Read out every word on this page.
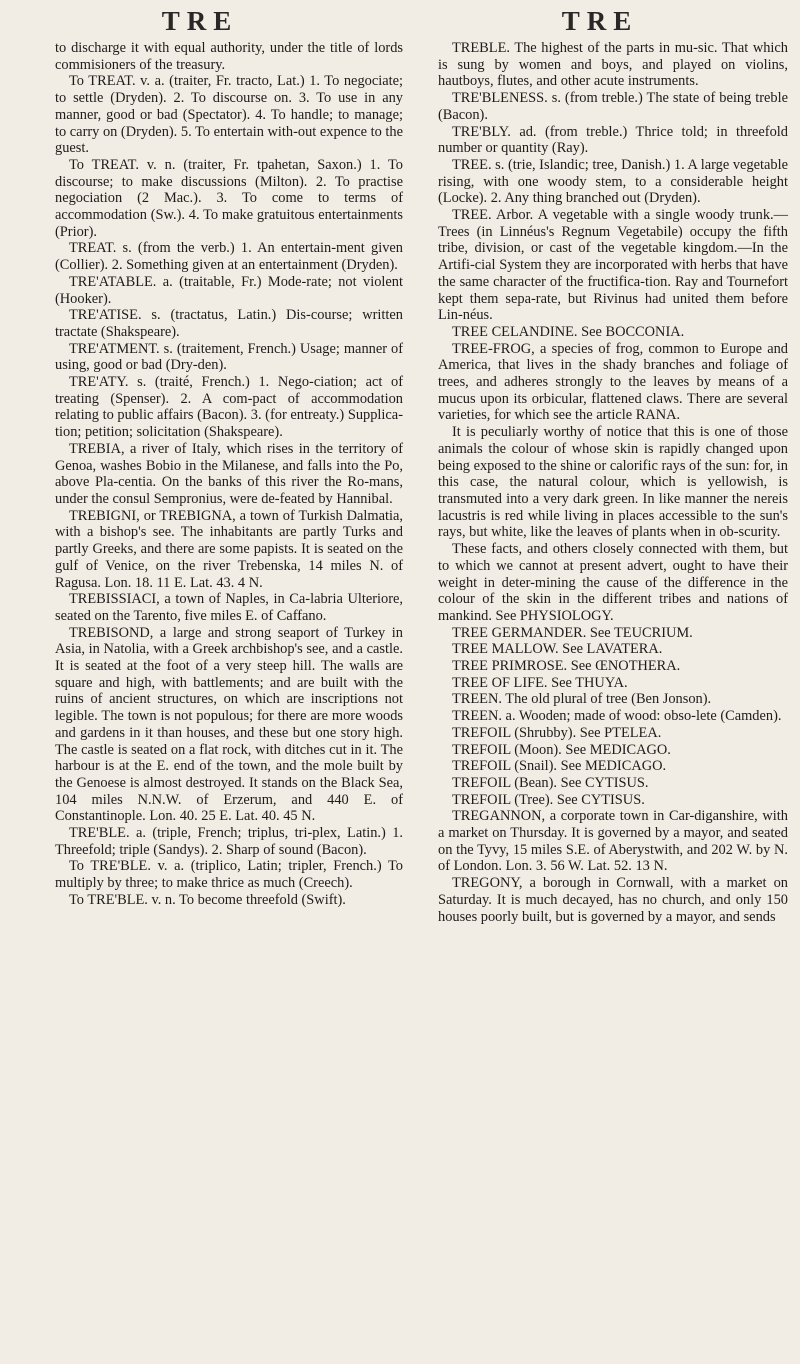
TRE	TRE

to discharge it with equal authority, under the title of lords commisioners of the treasury.

To TREAT. v. a. (traiter, Fr. tracto, Lat.) 1. To negociate; to settle (Dryden). 2. To discourse on. 3. To use in any manner, good or bad (Spectator). 4. To handle; to manage; to carry on (Dryden). 5. To entertain with-out expence to the guest.

To TREAT. v. n. (traiter, Fr. tpahetan, Saxon.) 1. To discourse; to make discussions (Milton). 2. To practise negociation (2 Mac.). 3. To come to terms of accommodation (Sw.). 4. To make gratuitous entertainments (Prior).

TREAT. s. (from the verb.) 1. An entertain-ment given (Collier). 2. Something given at an entertainment (Dryden).

TRE'ATABLE. a. (traitable, Fr.) Mode-rate; not violent (Hooker).

TRE'ATISE. s. (tractatus, Latin.) Dis-course; written tractate (Shakspeare).

TRE'ATMENT. s. (traitement, French.) Usage; manner of using, good or bad (Dry-den).

TRE'ATY. s. (traité, French.) 1. Nego-ciation; act of treating (Spenser). 2. A com-pact of accommodation relating to public affairs (Bacon). 3. (for entreaty.) Supplica-tion; petition; solicitation (Shakspeare).

TREBIA, a river of Italy, which rises in the territory of Genoa, washes Bobio in the Milanese, and falls into the Po, above Pla-centia. On the banks of this river the Ro-mans, under the consul Sempronius, were de-feated by Hannibal.

TREBIGNI, or TREBIGNA, a town of Turkish Dalmatia, with a bishop's see. The inhabitants are partly Turks and partly Greeks, and there are some papists. It is seated on the gulf of Venice, on the river Trebenska, 14 miles N. of Ragusa. Lon. 18. 11 E. Lat. 43. 4 N.

TREBISSIACI, a town of Naples, in Ca-labria Ulteriore, seated on the Tarento, five miles E. of Caffano.

TREBISOND, a large and strong seaport of Turkey in Asia, in Natolia, with a Greek archbishop's see, and a castle. It is seated at the foot of a very steep hill. The walls are square and high, with battlements; and are built with the ruins of ancient structures, on which are inscriptions not legible. The town is not populous; for there are more woods and gardens in it than houses, and these but one story high. The castle is seated on a flat rock, with ditches cut in it. The harbour is at the E. end of the town, and the mole built by the Genoese is almost destroyed. It stands on the Black Sea, 104 miles N.N.W. of Erzerum, and 440 E. of Constantinople. Lon. 40. 25 E. Lat. 40. 45 N.

TRE'BLE. a. (triple, French; triplus, tri-plex, Latin.) 1. Threefold; triple (Sandys). 2. Sharp of sound (Bacon).

To TRE'BLE. v. a. (triplico, Latin; tripler, French.) To multiply by three; to make thrice as much (Creech).

To TRE'BLE. v. n. To become threefold (Swift).

TREBLE. The highest of the parts in mu-sic. That which is sung by women and boys, and played on violins, hautboys, flutes, and other acute instruments.

TRE'BLENESS. s. (from treble.) The state of being treble (Bacon).

TRE'BLY. ad. (from treble.) Thrice told; in threefold number or quantity (Ray).

TREE. s. (trie, Islandic; tree, Danish.) 1. A large vegetable rising, with one woody stem, to a considerable height (Locke). 2. Any thing branched out (Dryden).

TREE. Arbor. A vegetable with a single woody trunk.—Trees (in Linnéus's Regnum Vegetabile) occupy the fifth tribe, division, or cast of the vegetable kingdom.—In the Artifi-cial System they are incorporated with herbs that have the same character of the fructifica-tion. Ray and Tournefort kept them sepa-rate, but Rivinus had united them before Lin-néus.

TREE CELANDINE. See BOCCONIA.

TREE-FROG, a species of frog, common to Europe and America, that lives in the shady branches and foliage of trees, and adheres strongly to the leaves by means of a mucus upon its orbicular, flattened claws. There are several varieties, for which see the article RANA.

It is peculiarly worthy of notice that this is one of those animals the colour of whose skin is rapidly changed upon being exposed to the shine or calorific rays of the sun: for, in this case, the natural colour, which is yellowish, is transmuted into a very dark green. In like manner the nereis lacustris is red while living in places accessible to the sun's rays, but white, like the leaves of plants when in ob-scurity.

These facts, and others closely connected with them, but to which we cannot at present advert, ought to have their weight in deter-mining the cause of the difference in the colour of the skin in the different tribes and nations of mankind. See PHYSIOLOGY.

TREE GERMANDER. See TEUCRIUM.

TREE MALLOW. See LAVATERA.

TREE PRIMROSE. See ŒNOTHERA.

TREE OF LIFE. See THUYA.

TREEN. The old plural of tree (Ben Jonson).

TREEN. a. Wooden; made of wood: obso-lete (Camden).

TREFOIL (Shrubby). See PTELEA.

TREFOIL (Moon). See MEDICAGO.

TREFOIL (Snail). See MEDICAGO.

TREFOIL (Bean). See CYTISUS.

TREFOIL (Tree). See CYTISUS.

TREGANNON, a corporate town in Car-diganshire, with a market on Thursday. It is governed by a mayor, and seated on the Tyvy, 15 miles S.E. of Aberystwith, and 202 W. by N. of London. Lon. 3. 56 W. Lat. 52. 13 N.

TREGONY, a borough in Cornwall, with a market on Saturday. It is much decayed, has no church, and only 150 houses poorly built, but is governed by a mayor, and sends
